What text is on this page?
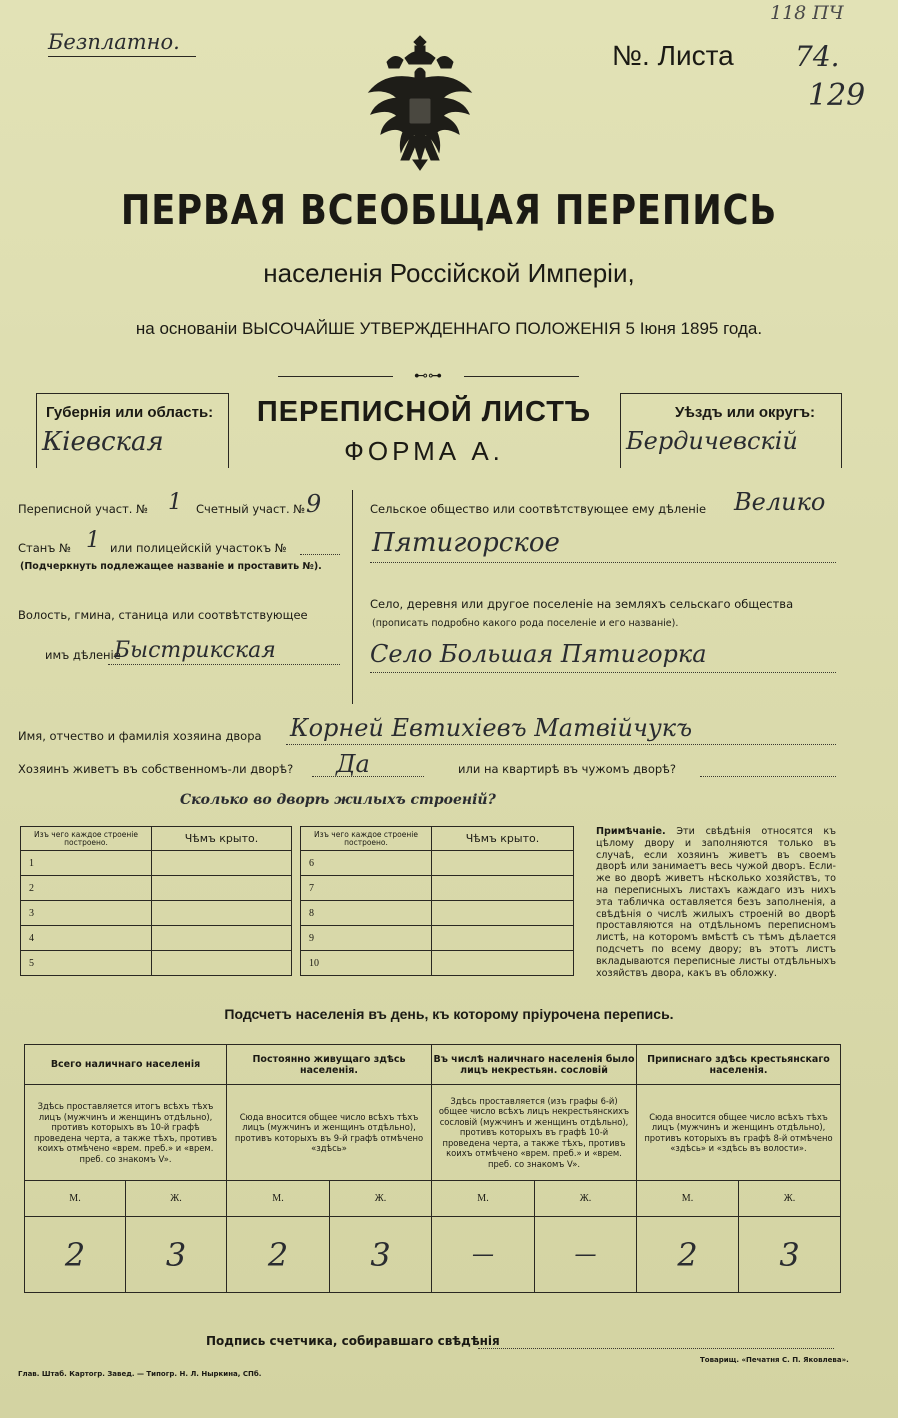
Безплатно.	№. Листа
118 ПЧ
74.
129
ПЕРВАЯ ВСЕОБЩАЯ ПЕРЕПИСЬ
населенія Россійской Имперіи,
на основаніи ВЫСОЧАЙШЕ УТВЕРЖДЕННАГО ПОЛОЖЕНІЯ 5 Іюня 1895 года.
⊷⊶
Губернія или область:
Кіевская
ПЕРЕПИСНОЙ ЛИСТЪ
ФОРМА А.
Уѣздъ или округъ:
Бердичевскій
Переписной участ. № 1 Счетный участ. № 9
Станъ № 1 или полицейскій участокъ №
(Подчеркнуть подлежащее названіе и проставить №).
Волость, гмина, станица или соотвѣтствующее
имъ дѣленіе
Быстрикская
Сельское общество или соотвѣтствующее ему дѣленіе Велико
Пятигорское
Село, деревня или другое поселеніе на земляхъ сельскаго общества
(прописать подробно какого рода поселеніе и его названіе).
Село Большая Пятигорка
Имя, отчество и фамилія хозяина двора Корней Евтихіевъ Матвійчукъ
Хозяинъ живетъ въ собственномъ-ли дворѣ? Да	или на квартирѣ въ чужомъ дворѣ?
Сколько во дворѣ жилыхъ строеній?
Изъ чего каждое строеніе построено.	Чѣмъ крыто.
1	
2	
3	
4	
5	
Изъ чего каждое строеніе построено.	Чѣмъ крыто.
6	
7	
8	
9	
10	
Примѣчаніе. Эти свѣдѣнія относятся къ цѣлому двору и заполняются только въ случаѣ, если хозяинъ живетъ въ своемъ дворѣ или занимаетъ весь чужой дворъ. Если-же во дворѣ живетъ нѣсколько хозяйствъ, то на переписныхъ листахъ каждаго изъ нихъ эта табличка оставляется безъ заполненія, а свѣдѣнія о числѣ жилыхъ строеній во дворѣ проставляются на отдѣльномъ переписномъ листѣ, на которомъ вмѣстѣ съ тѣмъ дѣлается подсчетъ по всему двору; въ этотъ листъ вкладываются переписные листы отдѣльныхъ хозяйствъ двора, какъ въ обложку.
Подсчетъ населенія въ день, къ которому пріурочена перепись.
Всего наличнаго населенія		Постоянно живущаго здѣсь населенія.		Въ числѣ наличнаго населенія было лицъ некрестьян. сословій		Приписнаго здѣсь крестьянскаго населенія.	
Здѣсь проставляется итогъ всѣхъ тѣхъ лицъ (мужчинъ и женщинъ отдѣльно), противъ которыхъ въ 10-й графѣ проведена черта, а также тѣхъ, противъ коихъ отмѣчено «врем. преб.» и «врем. преб. со знакомъ V».		Сюда вносится общее число всѣхъ тѣхъ лицъ (мужчинъ и женщинъ отдѣльно), противъ которыхъ въ 9-й графѣ отмѣчено «здѣсь»		Здѣсь проставляется (изъ графы 6-й) общее число всѣхъ лицъ некрестьянскихъ сословій (мужчинъ и женщинъ отдѣльно), противъ которыхъ въ графѣ 10-й проведена черта, а также тѣхъ, противъ коихъ отмѣчено «врем. преб.» и «врем. преб. со знакомъ V».		Сюда вносится общее число всѣхъ тѣхъ лицъ (мужчинъ и женщинъ отдѣльно), противъ которыхъ въ графѣ 8-й отмѣчено «здѣсь» и «здѣсь въ волости».	
М.	Ж.	М.	Ж.	М.	Ж.	М.	Ж.
2	3	2	3	—	—	2	3
Подпись счетчика, собиравшаго свѣдѣнія
Глав. Штаб. Картогр. Завед. — Типогр. Н. Л. Ныркина, СПб.
Товарищ. «Печатня С. П. Яковлева».
